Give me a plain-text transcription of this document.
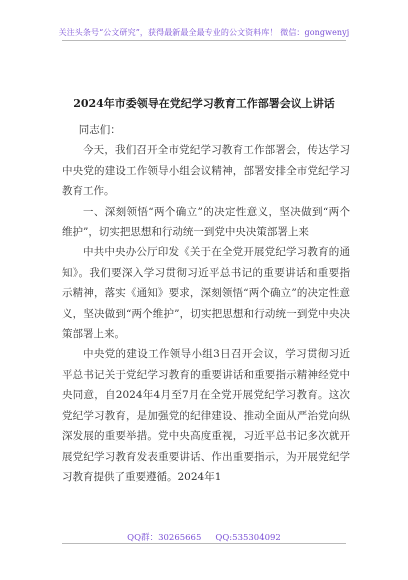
关注头条号“公文研究”，获得最新最全最专业的公文资料库！ 微信：gongwenyj
2024年市委领导在党纪学习教育工作部署会议上讲话

同志们：

今天，我们召开全市党纪学习教育工作部署会，传达学习中央党的建设工作领导小组会议精神，部署安排全市党纪学习教育工作。

一、深刻领悟“两个确立”的决定性意义，坚决做到“两个维护”，切实把思想和行动统一到党中央决策部署上来

中共中央办公厅印发《关于在全党开展党纪学习教育的通知》。我们要深入学习贯彻习近平总书记的重要讲话和重要指示精神，落实《通知》要求，深刻领悟“两个确立”的决定性意义，坚决做到“两个维护”，切实把思想和行动统一到党中央决策部署上来。

中央党的建设工作领导小组3日召开会议，学习贯彻习近平总书记关于党纪学习教育的重要讲话和重要指示精神经党中央同意，自2024年4月至7月在全党开展党纪学习教育。这次党纪学习教育，是加强党的纪律建设、推动全面从严治党向纵深发展的重要举措。党中央高度重视，习近平总书记多次就开展党纪学习教育发表重要讲话、作出重要指示，为开展党纪学习教育提供了重要遵循。2024年1

QQ群：30265665 QQ:535304092
